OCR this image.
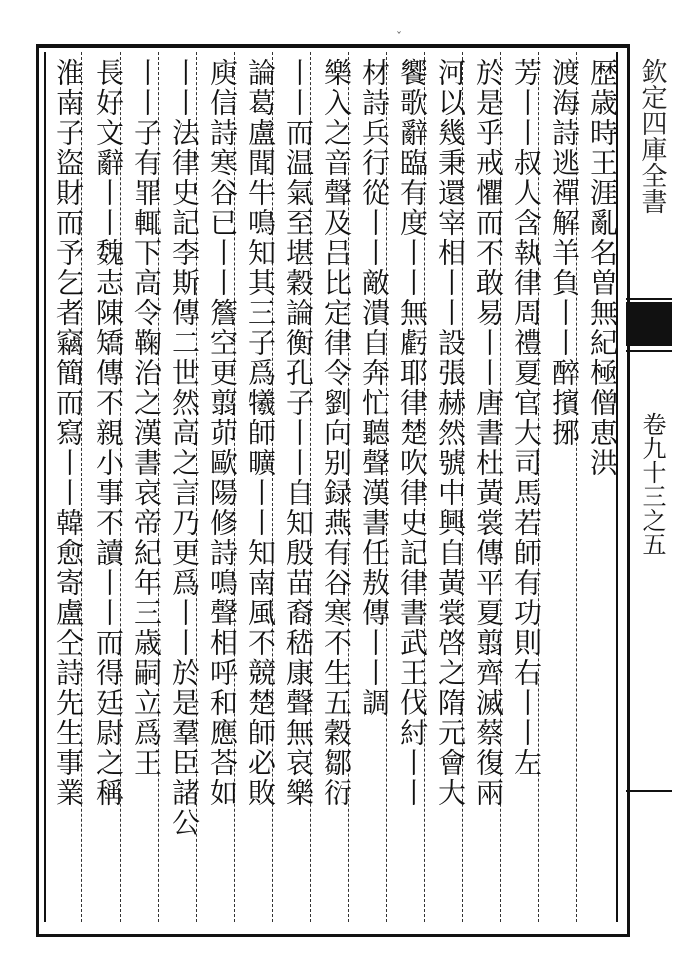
ˇ
歴歳時王涯亂名曽無紀極僧恵洪
渡海詩逃禪解羊負丨丨醉擯捓
芳丨丨叔人含執律周禮夏官大司馬若師有功則右丨丨左
於是乎戒懼而不敢易丨丨唐書杜黃裳傳平夏翦齊滅蔡復兩
河以幾秉還宰相丨丨設張赫然號中興自黃裳啓之隋元會大
饗歌辭臨有度丨丨無虧耶律楚吹律史記律書武王伐紂丨丨
材詩兵行從丨丨敵潰自奔忙聽聲漢書任敖傳丨丨調
樂入之音聲及吕比定律令劉向别録燕有谷寒不生五穀鄒衍
丨丨而温氣至堪穀論衡孔子丨丨自知殷苗裔嵇康聲無哀樂
論葛盧聞牛鳴知其三子爲犧師曠丨丨知南風不競楚師必敗
庾信詩寒谷已丨丨簷空更翦茆歐陽修詩鳴聲相呼和應荅如
丨丨法律史記李斯傳二世然高之言乃更爲丨丨於是羣臣諸公
丨丨子有罪輒下高令鞠治之漢書哀帝紀年三歳嗣立爲王
長好文辭丨丨魏志陳矯傳不親小事不讀丨丨而得廷尉之稱
淮南子盜財而予乞者竊簡而寫丨丨韓愈寄盧仝詩先生事業	欽定四庫全書
卷九十三之五
